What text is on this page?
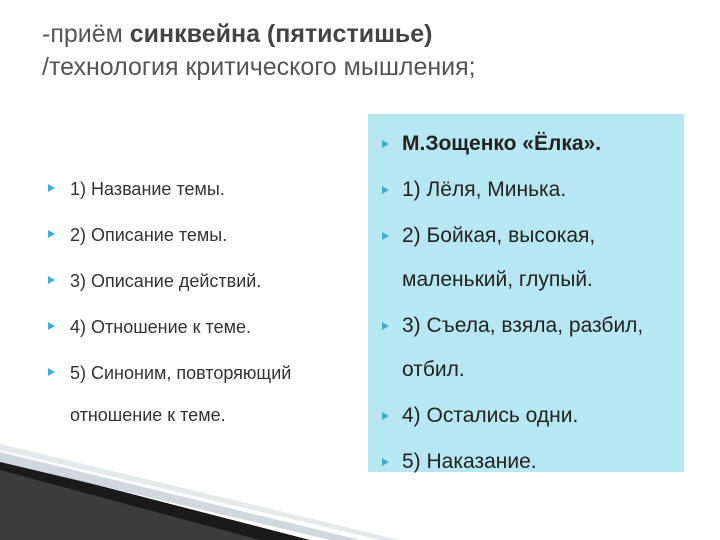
-приём синквейна (пятистишье)
/технология критического мышления;
1) Название темы.
2) Описание темы.
3) Описание действий.
4) Отношение к теме.
5) Синоним, повторяющий отношение к теме.
М.Зощенко «Ёлка».
1) Лёля, Минька.
2) Бойкая, высокая, маленький, глупый.
3) Съела, взяла, разбил, отбил.
4) Остались одни.
5) Наказание.
